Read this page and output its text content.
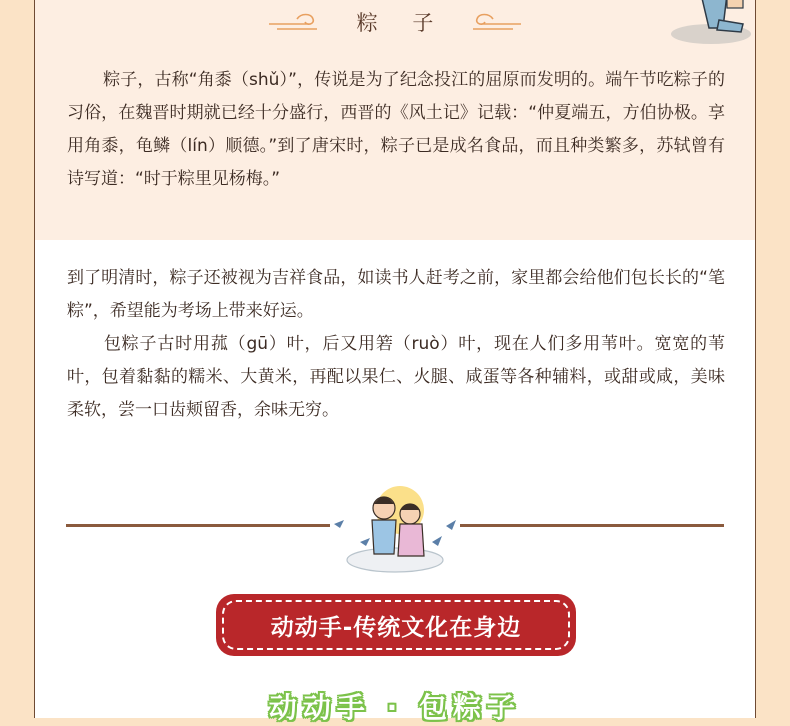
粽 子

粽子，古称“角黍（shǔ）”，传说是为了纪念投江的屈原而发明的。端午节吃粽子的习俗，在魏晋时期就已经十分盛行，西晋的《风土记》记载：“仲夏端五，方伯协极。享用角黍，龟鳞（lín）顺德。”到了唐宋时，粽子已是成名食品，而且种类繁多，苏轼曾有诗写道：“时于粽里见杨梅。”

到了明清时，粽子还被视为吉祥食品，如读书人赶考之前，家里都会给他们包长长的“笔粽”，希望能为考场上带来好运。
包粽子古时用菰（gū）叶，后又用箬（ruò）叶，现在人们多用苇叶。宽宽的苇叶，包着黏黏的糯米、大黄米，再配以果仁、火腿、咸蛋等各种辅料，或甜或咸，美味柔软，尝一口齿颊留香，余味无穷。
动动手-传统文化在身边
动动手 · 包粽子
